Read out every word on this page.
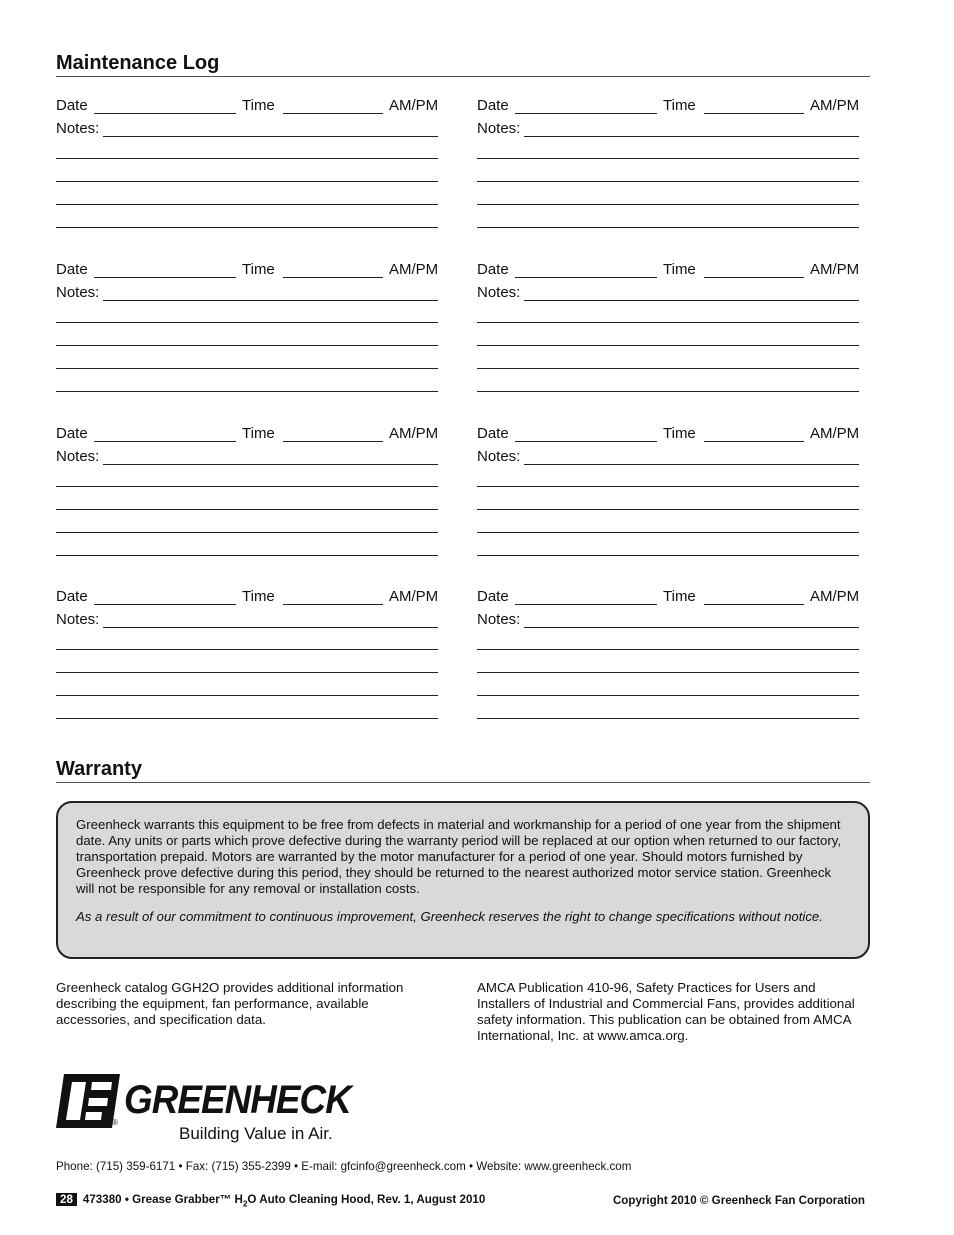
Maintenance Log
Date	Time	AM/PM
Notes:
Date	Time	AM/PM
Notes:
Date	Time	AM/PM
Notes:
Date	Time	AM/PM
Notes:
Date	Time	AM/PM
Notes:
Date	Time	AM/PM
Notes:
Date	Time	AM/PM
Notes:
Date	Time	AM/PM
Notes:
Warranty

Greenheck warrants this equipment to be free from defects in material and workmanship for a period of one year from the shipment date. Any units or parts which prove defective during the warranty period will be replaced at our option when returned to our factory, transportation prepaid. Motors are warranted by the motor manufacturer for a period of one year. Should motors furnished by Greenheck prove defective during this period, they should be returned to the nearest authorized motor service station. Greenheck will not be responsible for any removal or installation costs.

As a result of our commitment to continuous improvement, Greenheck reserves the right to change specifications without notice.

Greenheck catalog GGH2O provides additional information describing the equipment, fan performance, available accessories, and specification data.
AMCA Publication 410-96, Safety Practices for Users and Installers of Industrial and Commercial Fans, provides additional safety information. This publication can be obtained from AMCA International, Inc. at www.amca.org.
®
GREENHECK
Building Value in Air.
Phone: (715) 359-6171 • Fax: (715) 355-2399 • E-mail: gfcinfo@greenheck.com • Website: www.greenheck.com
28 473380 • Grease Grabber™ $H_2O$ Auto Cleaning Hood, Rev. 1, August 2010	Copyright 2010 © Greenheck Fan Corporation
